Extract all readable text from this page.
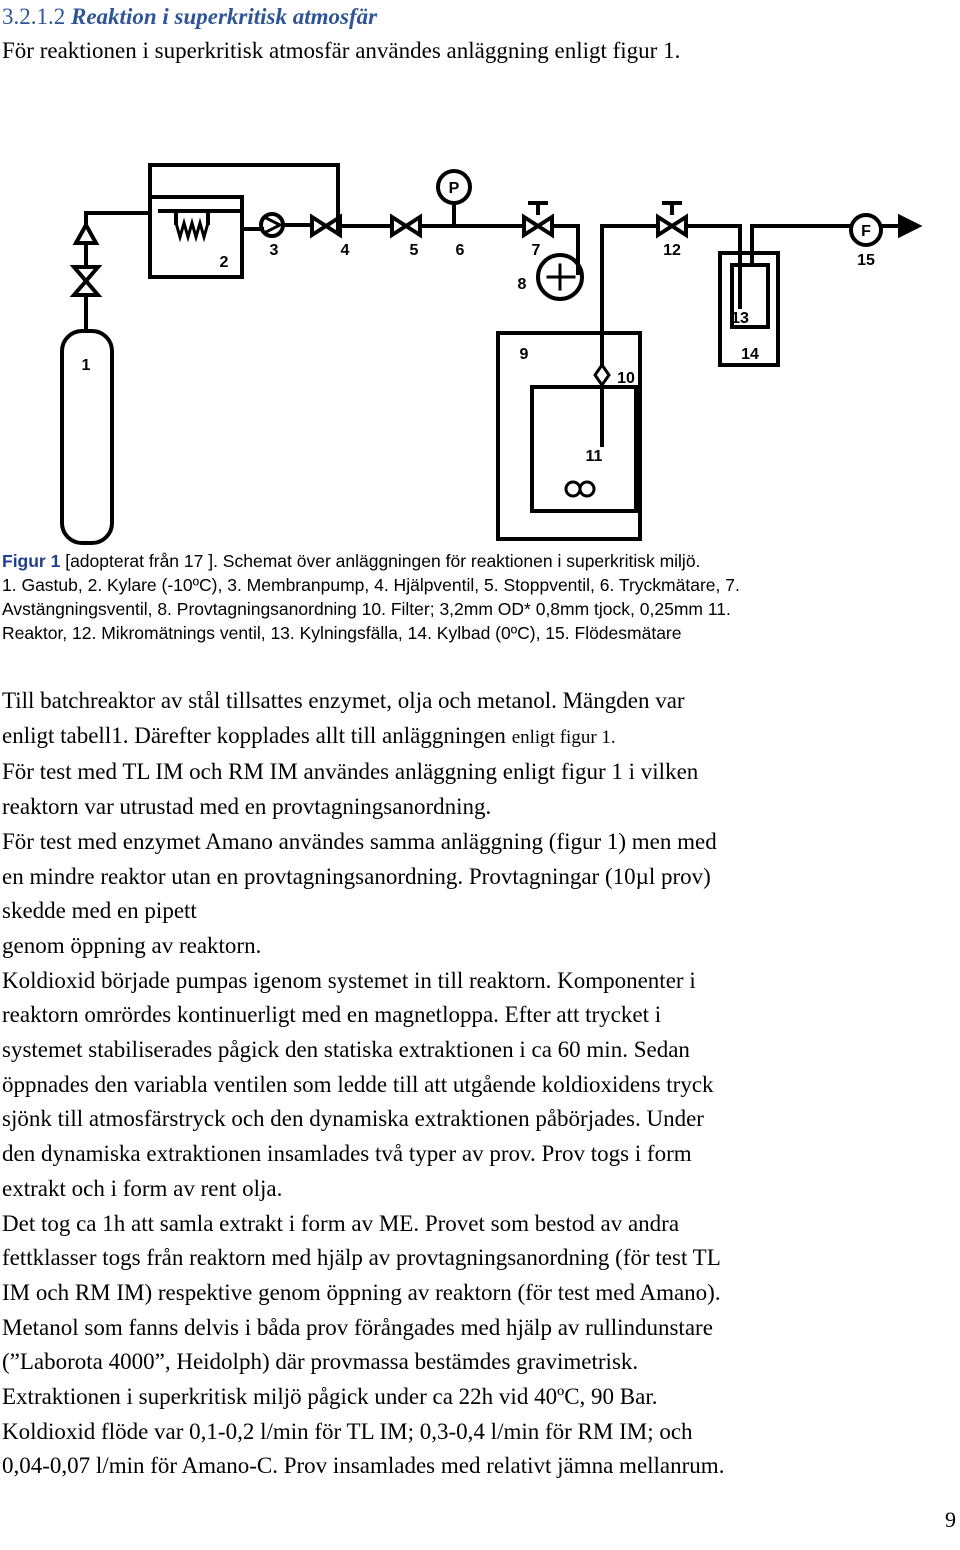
3.2.1.2 Reaktion i superkritisk atmosfär
För reaktionen i superkritisk atmosfär användes anläggning enligt figur 1.
1
2
3	4	5 6	7
8
9
10
11
12
13
14
15
P
F
Figur 1 [adopterat från 17 ]. Schemat över anläggningen för reaktionen i superkritisk miljö.
1. Gastub, 2. Kylare (-10ºC), 3. Membranpump, 4. Hjälpventil, 5. Stoppventil, 6. Tryckmätare, 7.
Avstängningsventil, 8. Provtagningsanordning 10. Filter; 3,2mm OD* 0,8mm tjock, 0,25mm 11.
Reaktor, 12. Mikromätnings ventil, 13. Kylningsfälla, 14. Kylbad (0ºC), 15. Flödesmätare
Till batchreaktor av stål tillsattes enzymet, olja och metanol. Mängden var
enligt tabell1. Därefter kopplades allt till anläggningen enligt figur 1.
För test med TL IM och RM IM användes anläggning enligt figur 1 i vilken
reaktorn var utrustad med en provtagningsanordning.
För test med enzymet Amano användes samma anläggning (figur 1) men med
en mindre reaktor utan en provtagningsanordning. Provtagningar (10µl prov)
skedde med en pipett
genom öppning av reaktorn.
Koldioxid började pumpas igenom systemet in till reaktorn. Komponenter i
reaktorn omrördes kontinuerligt med en magnetloppa. Efter att trycket i
systemet stabiliserades pågick den statiska extraktionen i ca 60 min. Sedan
öppnades den variabla ventilen som ledde till att utgående koldioxidens tryck
sjönk till atmosfärstryck och den dynamiska extraktionen påbörjades. Under
den dynamiska extraktionen insamlades två typer av prov. Prov togs i form
extrakt och i form av rent olja.
Det tog ca 1h att samla extrakt i form av ME. Provet som bestod av andra
fettklasser togs från reaktorn med hjälp av provtagningsanordning (för test TL
IM och RM IM) respektive genom öppning av reaktorn (för test med Amano).
Metanol som fanns delvis i båda prov förångades med hjälp av rullindunstare
(”Laborota 4000”, Heidolph) där provmassa bestämdes gravimetrisk.
Extraktionen i superkritisk miljö pågick under ca 22h vid 40ºC, 90 Bar.
Koldioxid flöde var 0,1-0,2 l/min för TL IM; 0,3-0,4 l/min för RM IM; och
0,04-0,07 l/min för Amano-C. Prov insamlades med relativt jämna mellanrum.
9
